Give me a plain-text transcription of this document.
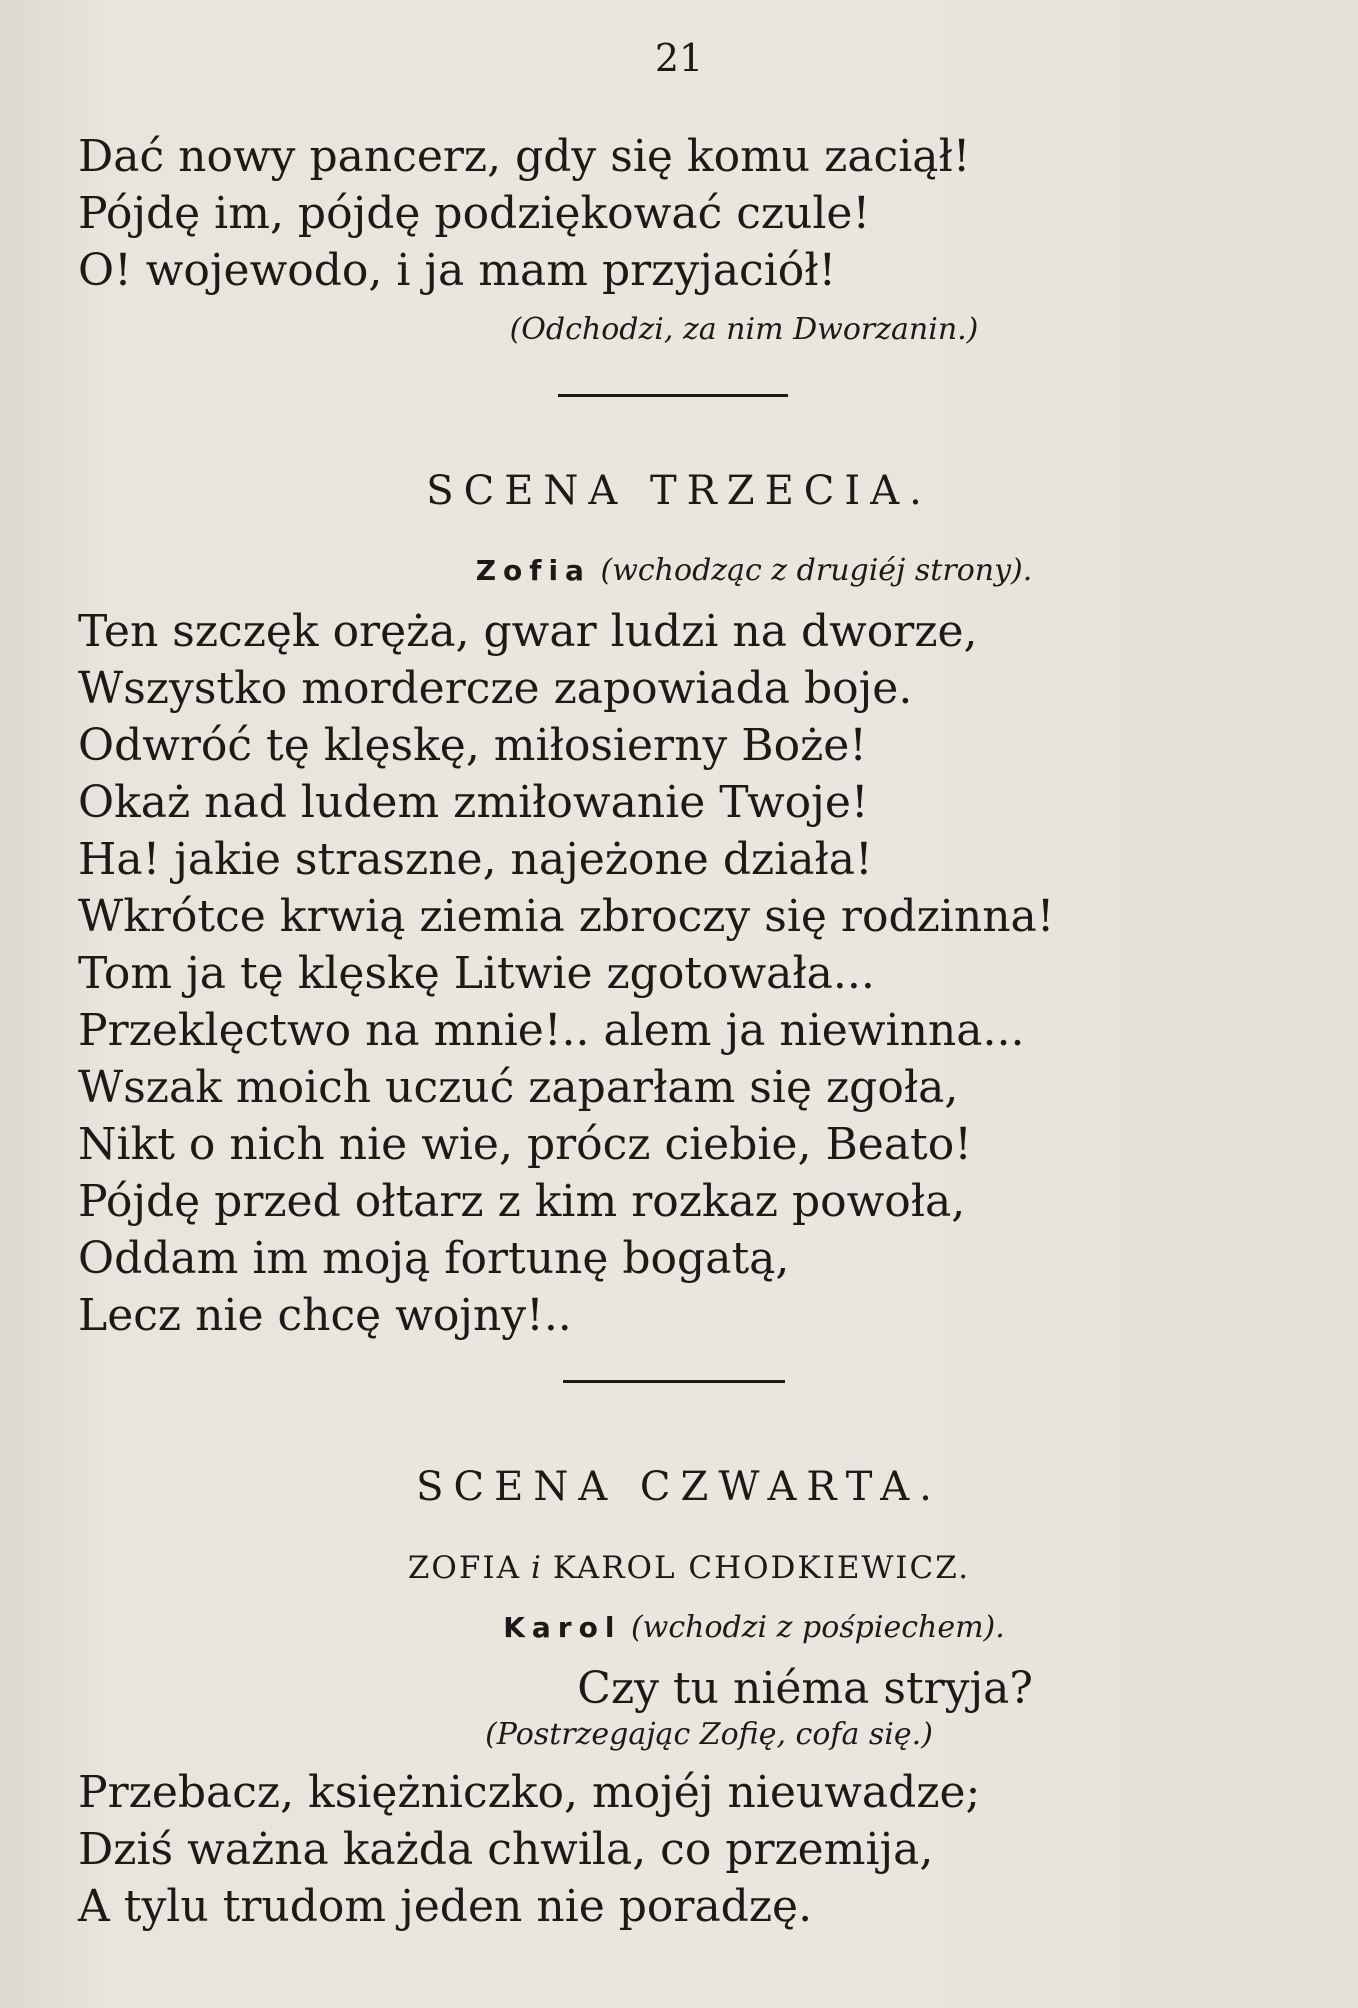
21
Dać nowy pancerz, gdy się komu zaciął!
Pójdę im, pójdę podziękować czule!
O! wojewodo, i ja mam przyjaciół!
(Odchodzi, za nim Dworzanin.)
SCENA TRZECIA.
Zofia (wchodząc z drugiéj strony).
Ten szczęk oręża, gwar ludzi na dworze,
Wszystko mordercze zapowiada boje.
Odwróć tę klęskę, miłosierny Boże!
Okaż nad ludem zmiłowanie Twoje!
Ha! jakie straszne, najeżone działa!
Wkrótce krwią ziemia zbroczy się rodzinna!
Tom ja tę klęskę Litwie zgotowała...
Przeklęctwo na mnie!.. alem ja niewinna...
Wszak moich uczuć zaparłam się zgoła,
Nikt o nich nie wie, prócz ciebie, Beato!
Pójdę przed ołtarz z kim rozkaz powoła,
Oddam im moją fortunę bogatą,
Lecz nie chcę wojny!..
SCENA CZWARTA.
ZOFIA i KAROL CHODKIEWICZ.
Karol (wchodzi z pośpiechem).
Czy tu niéma stryja?
(Postrzegając Zofię, cofa się.)
Przebacz, księżniczko, mojéj nieuwadze;
Dziś ważna każda chwila, co przemija,
A tylu trudom jeden nie poradzę.
